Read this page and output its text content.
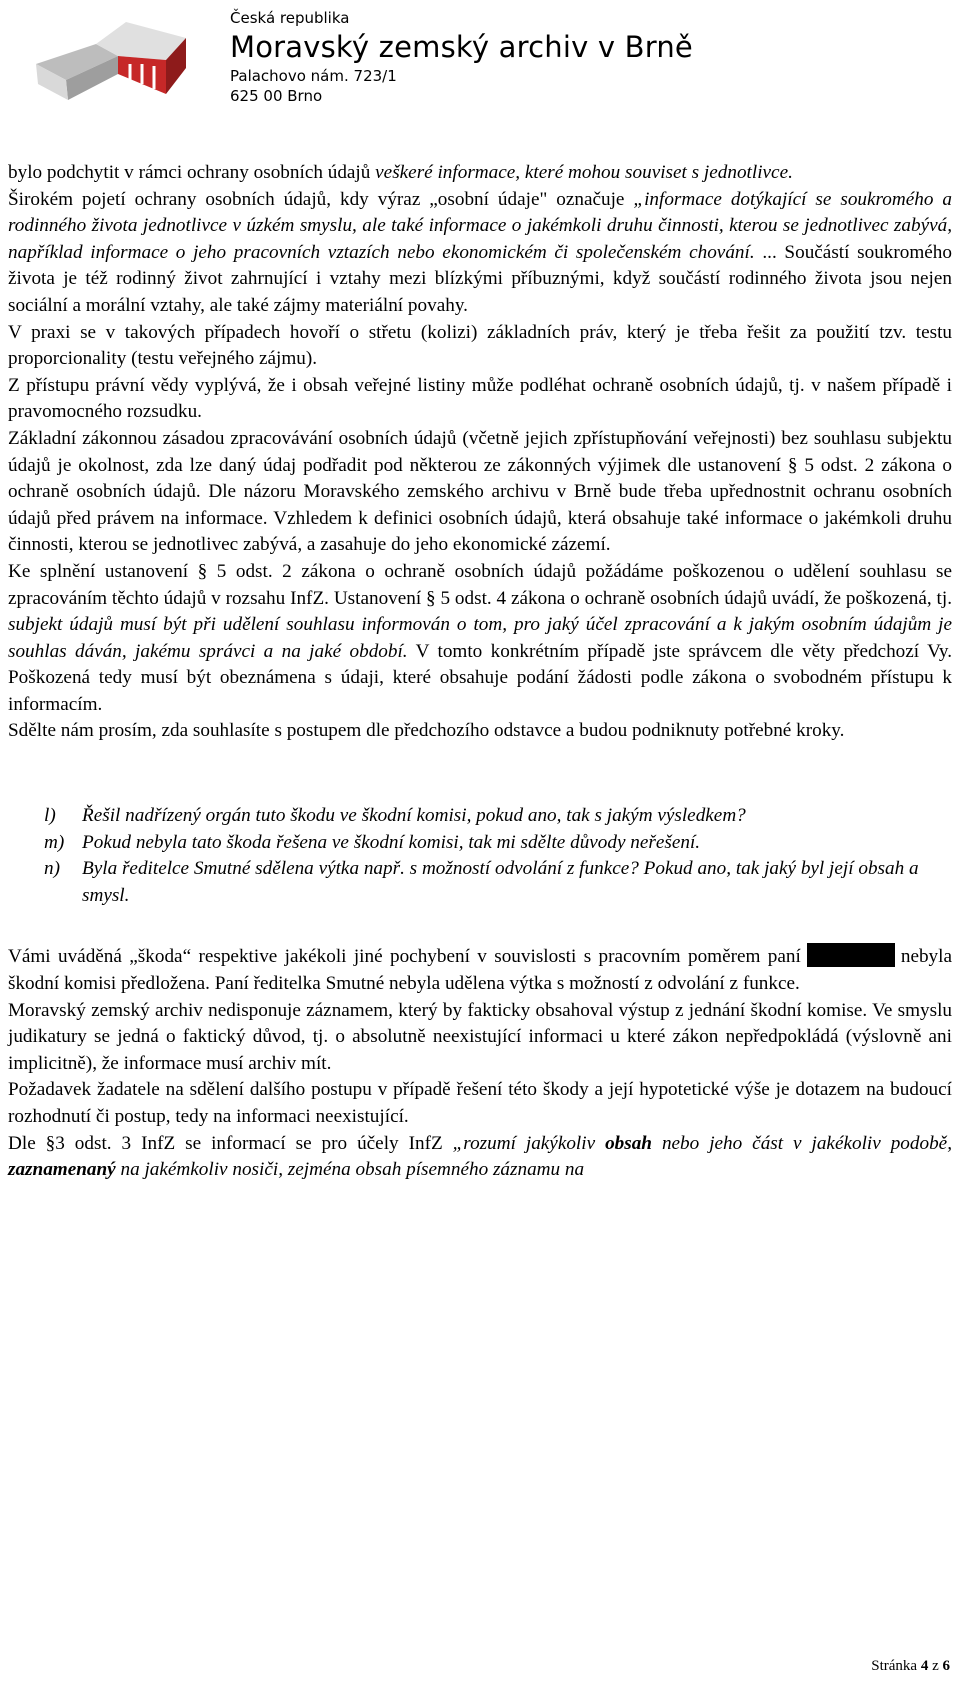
Česká republika
Moravský zemský archiv v Brně
Palachovo nám. 723/1
625 00 Brno

bylo podchytit v rámci ochrany osobních údajů veškeré informace, které mohou souviset s jednotlivce.

Širokém pojetí ochrany osobních údajů, kdy výraz „osobní údaje" označuje „informace dotýkající se soukromého a rodinného života jednotlivce v úzkém smyslu, ale také informace o jakémkoli druhu činnosti, kterou se jednotlivec zabývá, například informace o jeho pracovních vztazích nebo ekonomickém či společenském chování. ... Součástí soukromého života je též rodinný život zahrnující i vztahy mezi blízkými příbuznými, když součástí rodinného života jsou nejen sociální a morální vztahy, ale také zájmy materiální povahy.

V praxi se v takových případech hovoří o střetu (kolizi) základních práv, který je třeba řešit za použití tzv. testu proporcionality (testu veřejného zájmu).

Z přístupu právní vědy vyplývá, že i obsah veřejné listiny může podléhat ochraně osobních údajů, tj. v našem případě i pravomocného rozsudku.

Základní zákonnou zásadou zpracovávání osobních údajů (včetně jejich zpřístupňování veřejnosti) bez souhlasu subjektu údajů je okolnost, zda lze daný údaj podřadit pod některou ze zákonných výjimek dle ustanovení § 5 odst. 2 zákona o ochraně osobních údajů. Dle názoru Moravského zemského archivu v Brně bude třeba upřednostnit ochranu osobních údajů před právem na informace. Vzhledem k definici osobních údajů, která obsahuje také informace o jakémkoli druhu činnosti, kterou se jednotlivec zabývá, a zasahuje do jeho ekonomické zázemí.

Ke splnění ustanovení § 5 odst. 2 zákona o ochraně osobních údajů požádáme poškozenou o udělení souhlasu se zpracováním těchto údajů v rozsahu InfZ. Ustanovení § 5 odst. 4 zákona o ochraně osobních údajů uvádí, že poškozená, tj. subjekt údajů musí být při udělení souhlasu informován o tom, pro jaký účel zpracování a k jakým osobním údajům je souhlas dáván, jakému správci a na jaké období. V tomto konkrétním případě jste správcem dle věty předchozí Vy. Poškozená tedy musí být obeznámena s údaji, které obsahuje podání žádosti podle zákona o svobodném přístupu k informacím.

Sdělte nám prosím, zda souhlasíte s postupem dle předchozího odstavce a budou podniknuty potřebné kroky.

l) Řešil nadřízený orgán tuto škodu ve škodní komisi, pokud ano, tak s jakým výsledkem?
m) Pokud nebyla tato škoda řešena ve škodní komisi, tak mi sdělte důvody neřešení.
n) Byla ředitelce Smutné sdělena výtka např. s možností odvolání z funkce? Pokud ano, tak jaký byl její obsah a smysl.

Vámi uváděná „škoda“ respektive jakékoli jiné pochybení v souvislosti s pracovním poměrem paní	nebyla škodní komisi předložena. Paní ředitelka Smutné nebyla udělena výtka s možností z odvolání z funkce.

Moravský zemský archiv nedisponuje záznamem, který by fakticky obsahoval výstup z jednání škodní komise. Ve smyslu judikatury se jedná o faktický důvod, tj. o absolutně neexistující informaci u které zákon nepředpokládá (výslovně ani implicitně), že informace musí archiv mít.

Požadavek žadatele na sdělení dalšího postupu v případě řešení této škody a její hypotetické výše je dotazem na budoucí rozhodnutí či postup, tedy na informaci neexistující.

Dle §3 odst. 3 InfZ se informací se pro účely InfZ „rozumí jakýkoliv obsah nebo jeho část v jakékoliv podobě, zaznamenaný na jakémkoliv nosiči, zejména obsah písemného záznamu na

Stránka 4 z 6
